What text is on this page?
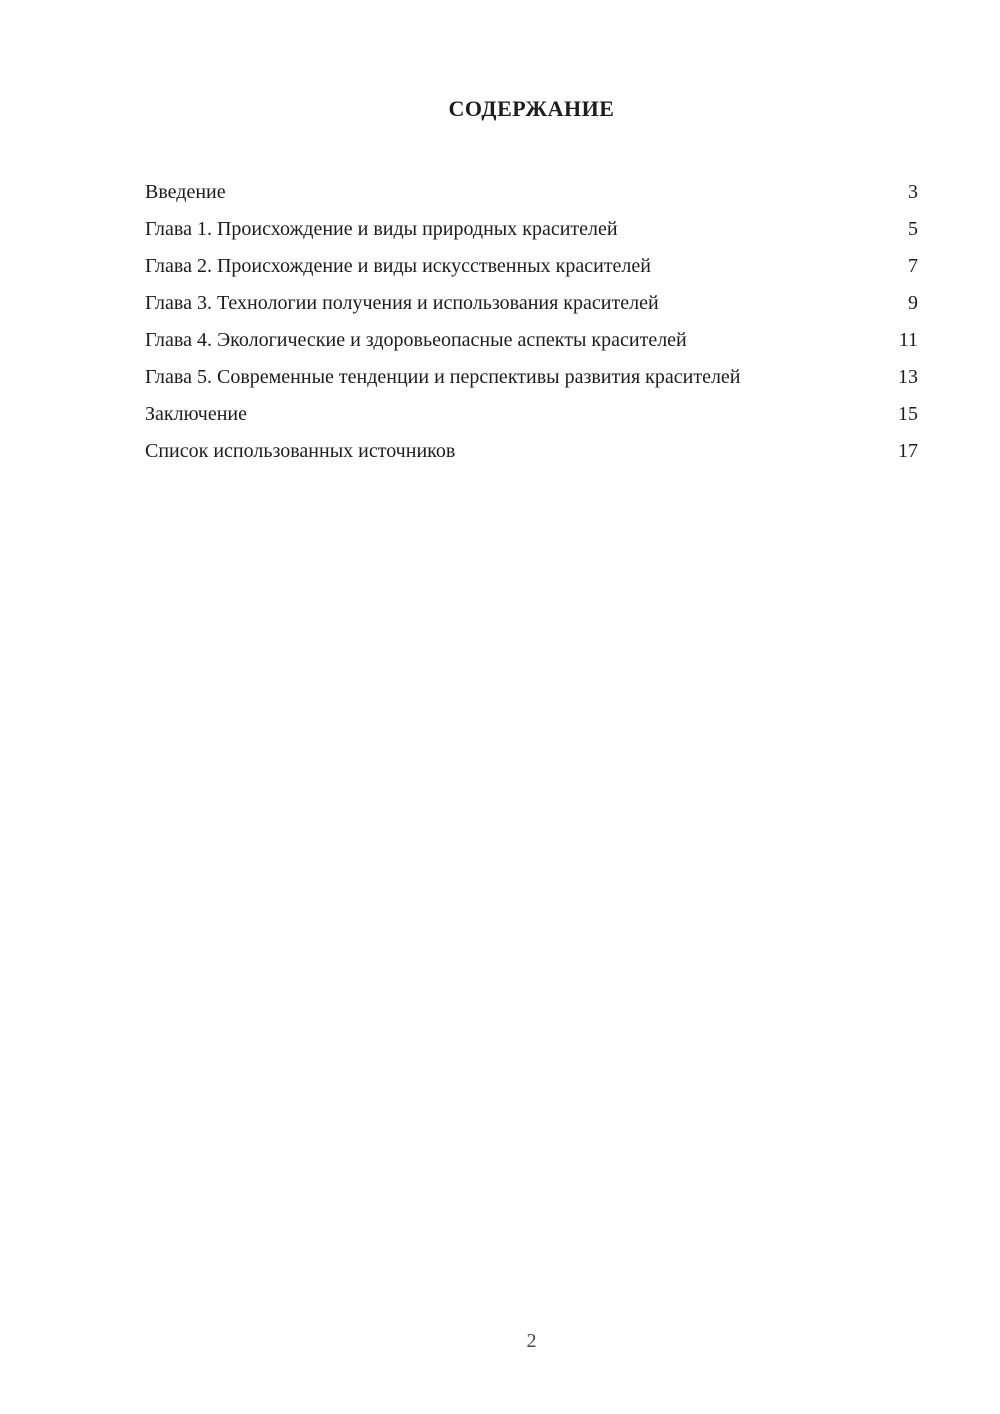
СОДЕРЖАНИЕ
Введение	3
Глава 1. Происхождение и виды природных красителей	5
Глава 2. Происхождение и виды искусственных красителей	7
Глава 3. Технологии получения и использования красителей	9
Глава 4. Экологические и здоровьеопасные аспекты красителей	11
Глава 5. Современные тенденции и перспективы развития красителей	13
Заключение	15
Список использованных источников	17
2
